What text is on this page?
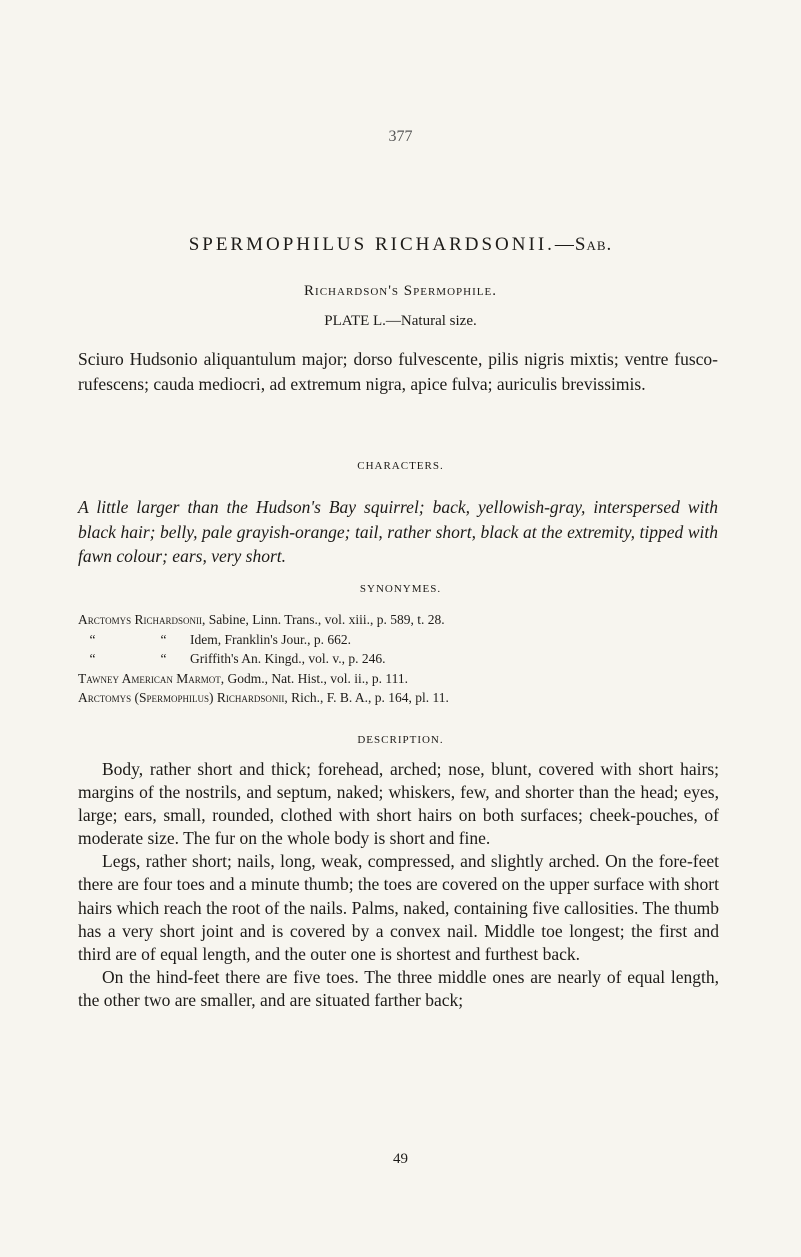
377
SPERMOPHILUS RICHARDSONII.—Sab.
Richardson's Spermophile.
PLATE L.—Natural size.

Sciuro Hudsonio aliquantulum major; dorso fulvescente, pilis nigris mixtis; ventre fusco-rufescens; cauda mediocri, ad extremum nigra, apice fulva; auriculis brevissimis.

CHARACTERS.

A little larger than the Hudson's Bay squirrel; back, yellowish-gray, interspersed with black hair; belly, pale grayish-orange; tail, rather short, black at the extremity, tipped with fawn colour; ears, very short.

SYNONYMES.
Arctomys Richardsonii, Sabine, Linn. Trans., vol. xiii., p. 589, t. 28.
“	“ Idem, Franklin's Jour., p. 662.
“	“ Griffith's An. Kingd., vol. v., p. 246.
Tawney American Marmot, Godm., Nat. Hist., vol. ii., p. 111.
Arctomys (Spermophilus) Richardsonii, Rich., F. B. A., p. 164, pl. 11.
DESCRIPTION.

Body, rather short and thick; forehead, arched; nose, blunt, covered with short hairs; margins of the nostrils, and septum, naked; whiskers, few, and shorter than the head; eyes, large; ears, small, rounded, clothed with short hairs on both surfaces; cheek-pouches, of moderate size. The fur on the whole body is short and fine.

Legs, rather short; nails, long, weak, compressed, and slightly arched. On the fore-feet there are four toes and a minute thumb; the toes are covered on the upper surface with short hairs which reach the root of the nails. Palms, naked, containing five callosities. The thumb has a very short joint and is covered by a convex nail. Middle toe longest; the first and third are of equal length, and the outer one is shortest and furthest back.

On the hind-feet there are five toes. The three middle ones are nearly of equal length, the other two are smaller, and are situated farther back;

49
